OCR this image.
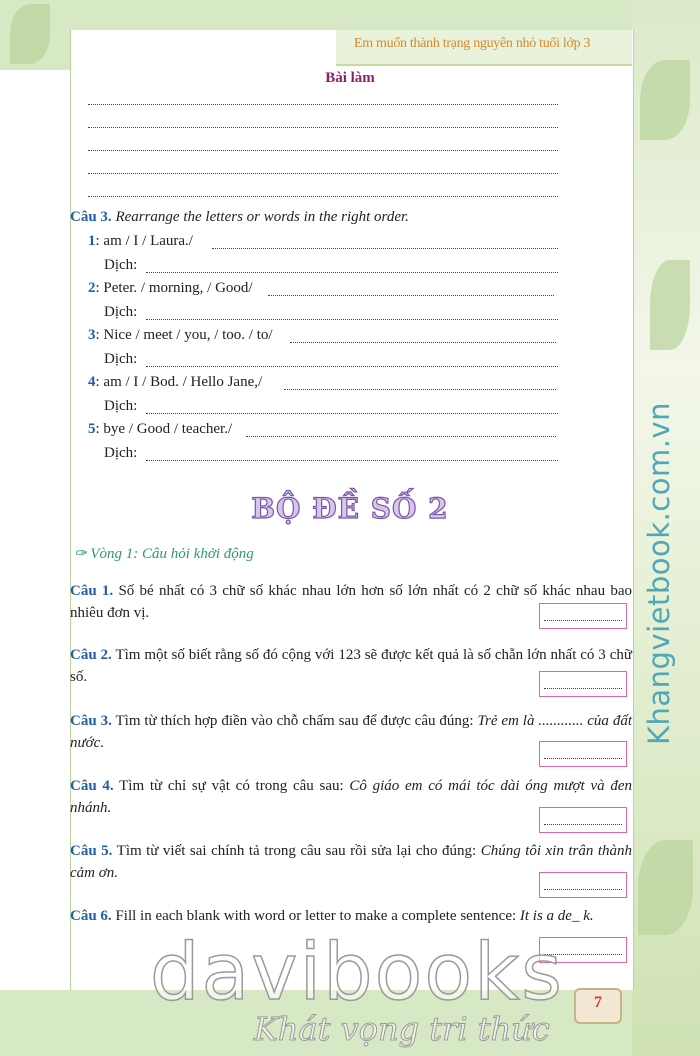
Em muốn thành trạng nguyên nhỏ tuổi lớp 3
Bài làm
Câu 3. Rearrange the letters or words in the right order.
1: am / I / Laura./
Dịch:
2: Peter. / morning, / Good/
Dịch:
3: Nice / meet / you, / too. / to/
Dịch:
4: am / I / Bod. / Hello Jane,/
Dịch:
5: bye / Good / teacher./
Dịch:
BỘ ĐỀ SỐ 2
✑ Vòng 1: Câu hỏi khởi động
Câu 1. Số bé nhất có 3 chữ số khác nhau lớn hơn số lớn nhất có 2 chữ số khác nhau bao nhiêu đơn vị.
Câu 2. Tìm một số biết rằng số đó cộng với 123 sẽ được kết quả là số chẵn lớn nhất có 3 chữ số.
Câu 3. Tìm từ thích hợp điền vào chỗ chấm sau để được câu đúng: Trẻ em là ............ của đất nước.
Câu 4. Tìm từ chỉ sự vật có trong câu sau: Cô giáo em có mái tóc dài óng mượt và đen nhánh.
Câu 5. Tìm từ viết sai chính tả trong câu sau rồi sửa lại cho đúng: Chúng tôi xin trân thành cảm ơn.
Câu 6. Fill in each blank with word or letter to make a complete sentence: It is a de_ k.
Khangvietbook.com.vn
davibooks
Khát vọng tri thức
7
